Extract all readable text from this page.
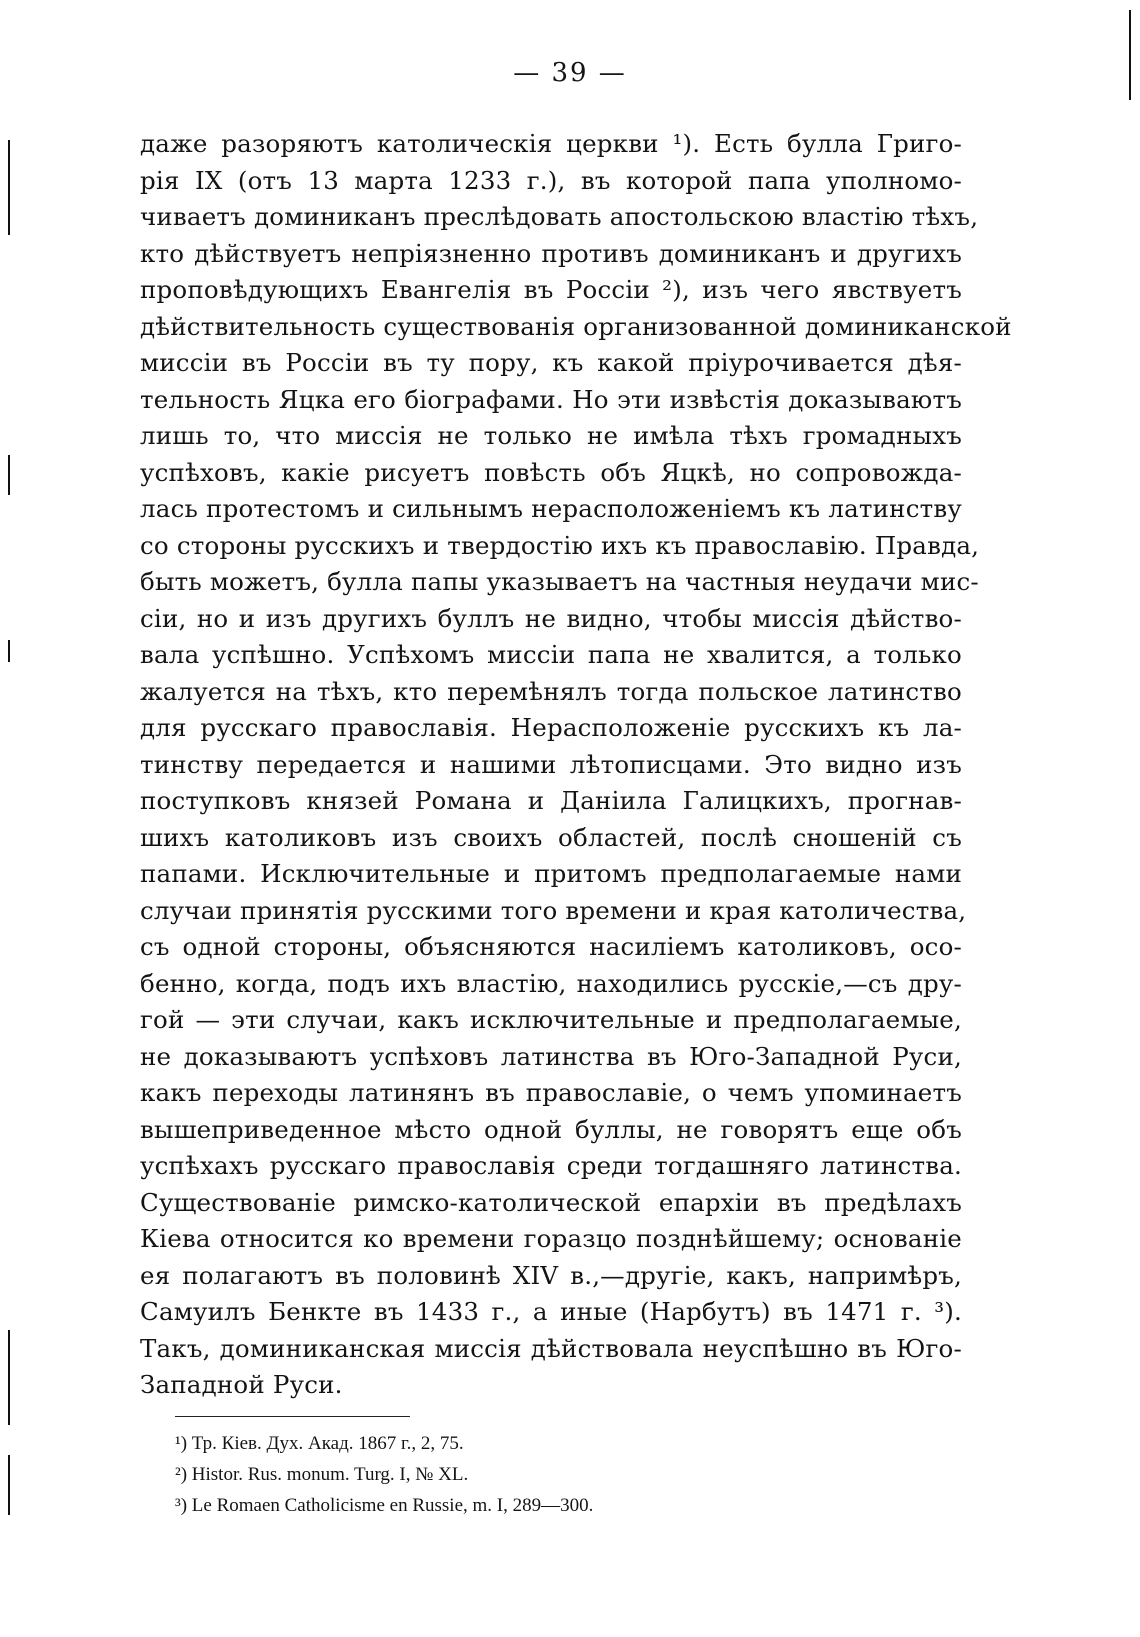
— 39 —
даже разоряютъ католическія церкви ¹). Есть булла Григо-
рія IX (отъ 13 марта 1233 г.), въ которой папа уполномо-
чиваетъ доминиканъ преслѣдовать апостольскою властію тѣхъ,
кто дѣйствуетъ непріязненно противъ доминиканъ и другихъ
проповѣдующихъ Евангелія въ Россіи ²), изъ чего явствуетъ
дѣйствительность существованія организованной доминиканской
миссіи въ Россіи въ ту пору, къ какой пріурочивается дѣя-
тельность Яцка его біографами. Но эти извѣстія доказываютъ
лишь то, что миссія не только не имѣла тѣхъ громадныхъ
успѣховъ, какіе рисуетъ повѣсть объ Яцкѣ, но сопровожда-
лась протестомъ и сильнымъ нерасположеніемъ къ латинству
со стороны русскихъ и твердостію ихъ къ православію. Правда,
быть можетъ, булла папы указываетъ на частныя неудачи мис-
сіи, но и изъ другихъ буллъ не видно, чтобы миссія дѣйство-
вала успѣшно. Успѣхомъ миссіи папа не хвалится, а только
жалуется на тѣхъ, кто перемѣнялъ тогда польское латинство
для русскаго православія. Нерасположеніе русскихъ къ ла-
тинству передается и нашими лѣтописцами. Это видно изъ
поступковъ князей Романа и Даніила Галицкихъ, прогнав-
шихъ католиковъ изъ своихъ областей, послѣ сношеній съ
папами. Исключительные и притомъ предполагаемые нами
случаи принятія русскими того времени и края католичества,
съ одной стороны, объясняются насиліемъ католиковъ, осо-
бенно, когда, подъ ихъ властію, находились русскіе,—съ дру-
гой — эти случаи, какъ исключительные и предполагаемые,
не доказываютъ успѣховъ латинства въ Юго-Западной Руси,
какъ переходы латинянъ въ православіе, о чемъ упоминаетъ
вышеприведенное мѣсто одной буллы, не говорятъ еще объ
успѣхахъ русскаго православія среди тогдашняго латинства.
Существованіе римско-католической епархіи въ предѣлахъ
Кіева относится ко времени горазцо позднѣйшему; основаніе
ея полагаютъ въ половинѣ XIV в.,—другіе, какъ, напримѣръ,
Самуилъ Бенкте въ 1433 г., а иные (Нарбутъ) въ 1471 г. ³).
Такъ, доминиканская миссія дѣйствовала неуспѣшно въ Юго-
Западной Руси.
¹) Тр. Кіев. Дух. Акад. 1867 г., 2, 75.
²) Histor. Rus. monum. Turg. I, № XL.
³) Le Romaen Catholicisme en Russie, m. I, 289—300.
